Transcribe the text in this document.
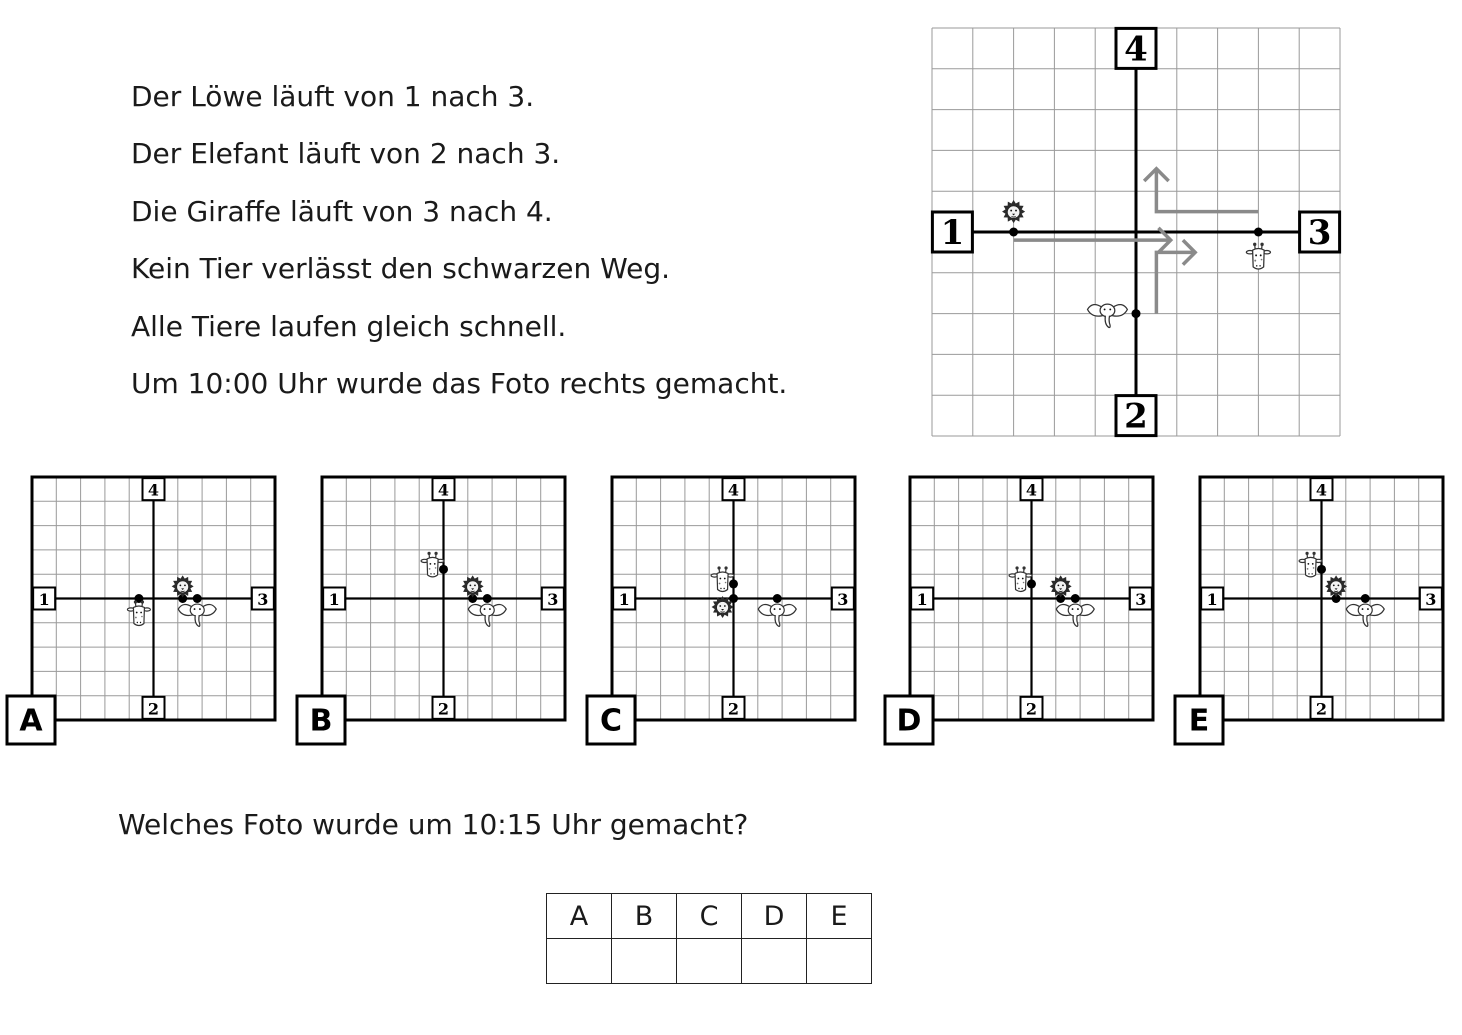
Der Löwe läuft von 1 nach 3.
Der Elefant läuft von 2 nach 3.
Die Giraffe läuft von 3 nach 4.
Kein Tier verlässt den schwarzen Weg.
Alle Tiere laufen gleich schnell.
Um 10:00 Uhr wurde das Foto rechts gemacht.
1
2
3
4
1
2
3
4
A
1
2
3
4
B
1
2
3
4
C
1
2
3
4
D
1
2
3
4
E
Welches Foto wurde um 10:15 Uhr gemacht?
A	B	C	D	E
